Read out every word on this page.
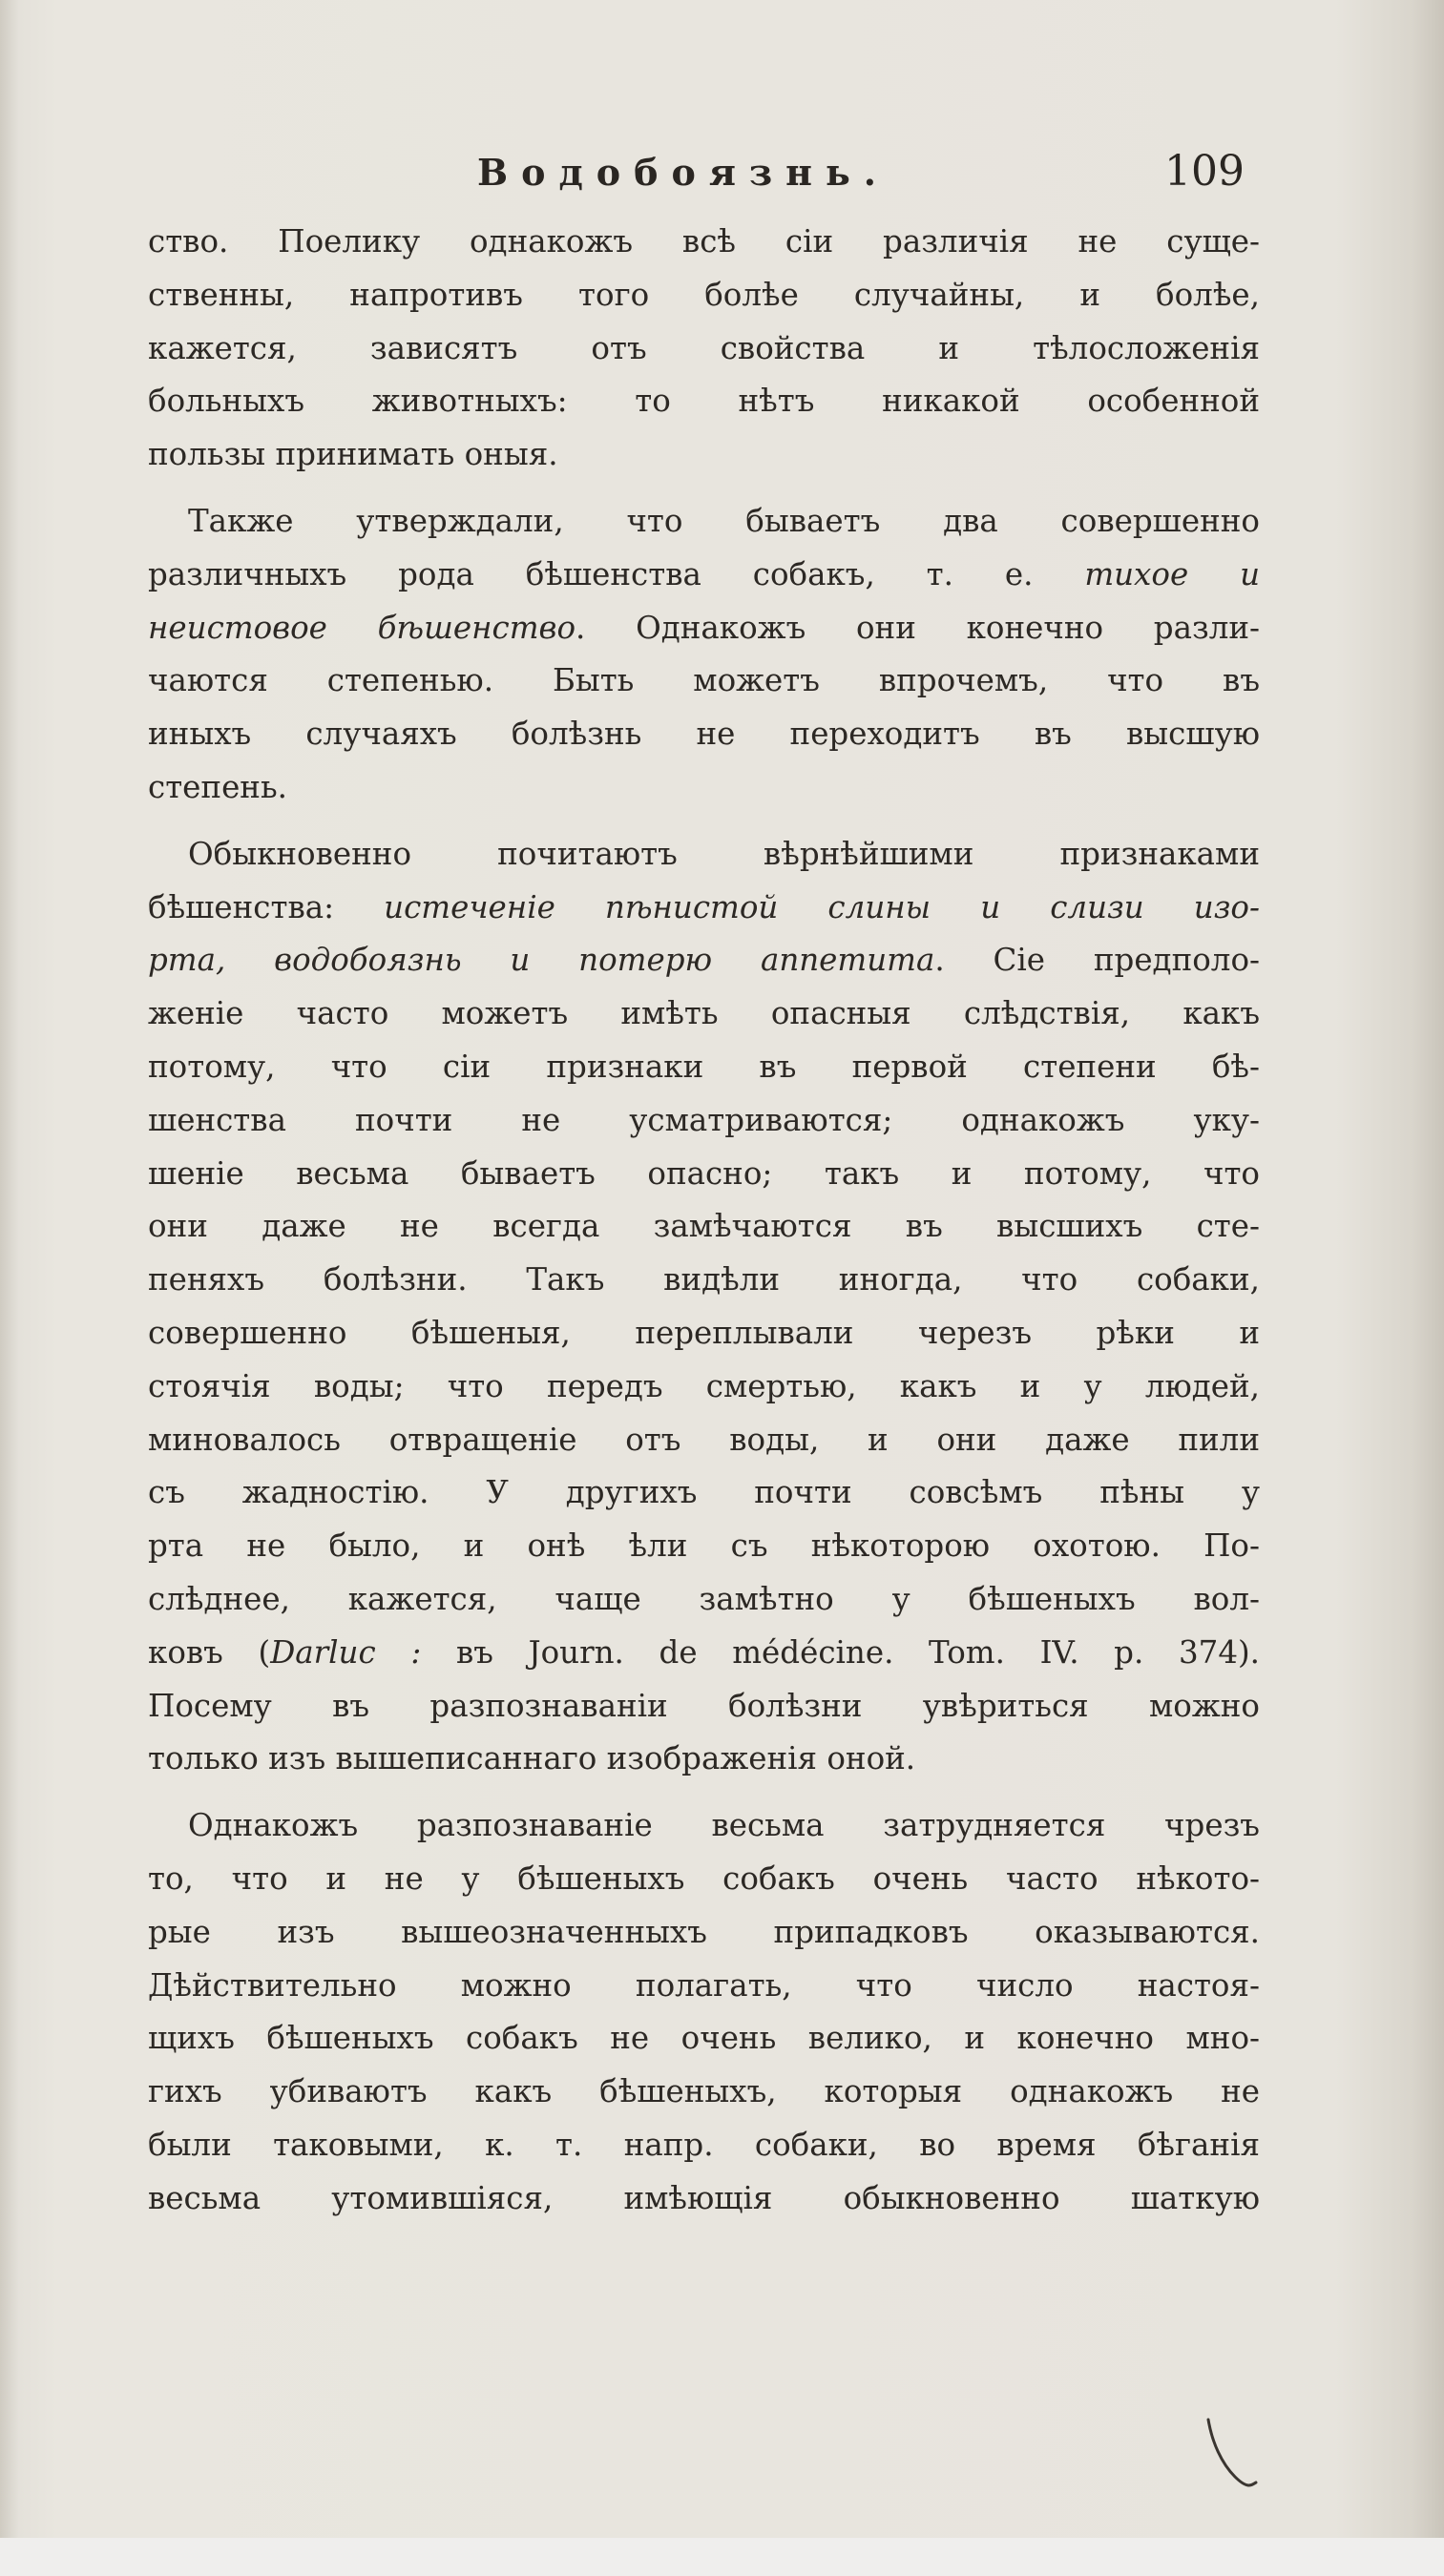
Водобоязнь.	109
ство. Поелику однакожъ всѣ сіи различія не суще-
ственны, напротивъ того болѣе случайны, и болѣе,
кажется, зависятъ отъ свойства и тѣлосложенія
больныхъ животныхъ: то нѣтъ никакой особенной
пользы принимать оныя.
Также утверждали, что бываетъ два совершенно
различныхъ рода бѣшенства собакъ, т. е. тихое и
неистовое бѣшенство. Однакожъ они конечно разли-
чаются степенью. Быть можетъ впрочемъ, что въ
иныхъ случаяхъ болѣзнь не переходитъ въ высшую
степень.
Обыкновенно почитаютъ вѣрнѣйшими признаками
бѣшенства: истеченіе пѣнистой слины и слизи изо-
рта, водобоязнь и потерю аппетита. Сіе предполо-
женіе часто можетъ имѣть опасныя слѣдствія, какъ
потому, что сіи признаки въ первой степени бѣ-
шенства почти не усматриваются; однакожъ уку-
шеніе весьма бываетъ опасно; такъ и потому, что
они даже не всегда замѣчаются въ высшихъ сте-
пеняхъ болѣзни. Такъ видѣли иногда, что собаки,
совершенно бѣшеныя, переплывали черезъ рѣки и
стоячія воды; что передъ смертью, какъ и у людей,
миновалось отвращеніе отъ воды, и они даже пили
съ жадностію. У другихъ почти совсѣмъ пѣны у
рта не было, и онѣ ѣли съ нѣкоторою охотою. По-
слѣднее, кажется, чаще замѣтно у бѣшеныхъ вол-
ковъ (Darluc : въ Journ. de médécine. Tom. IV. p. 374).
Посему въ разпознаваніи болѣзни увѣриться можно
только изъ вышеписаннаго изображенія оной.
Однакожъ разпознаваніе весьма затрудняется чрезъ
то, что и не у бѣшеныхъ собакъ очень часто нѣкото-
рые изъ вышеозначенныхъ припадковъ оказываются.
Дѣйствительно можно полагать, что число настоя-
щихъ бѣшеныхъ собакъ не очень велико, и конечно мно-
гихъ убиваютъ какъ бѣшеныхъ, которыя однакожъ не
были таковыми, к. т. напр. собаки, во время бѣганія
весьма утомившіяся, имѣющія обыкновенно шаткую
